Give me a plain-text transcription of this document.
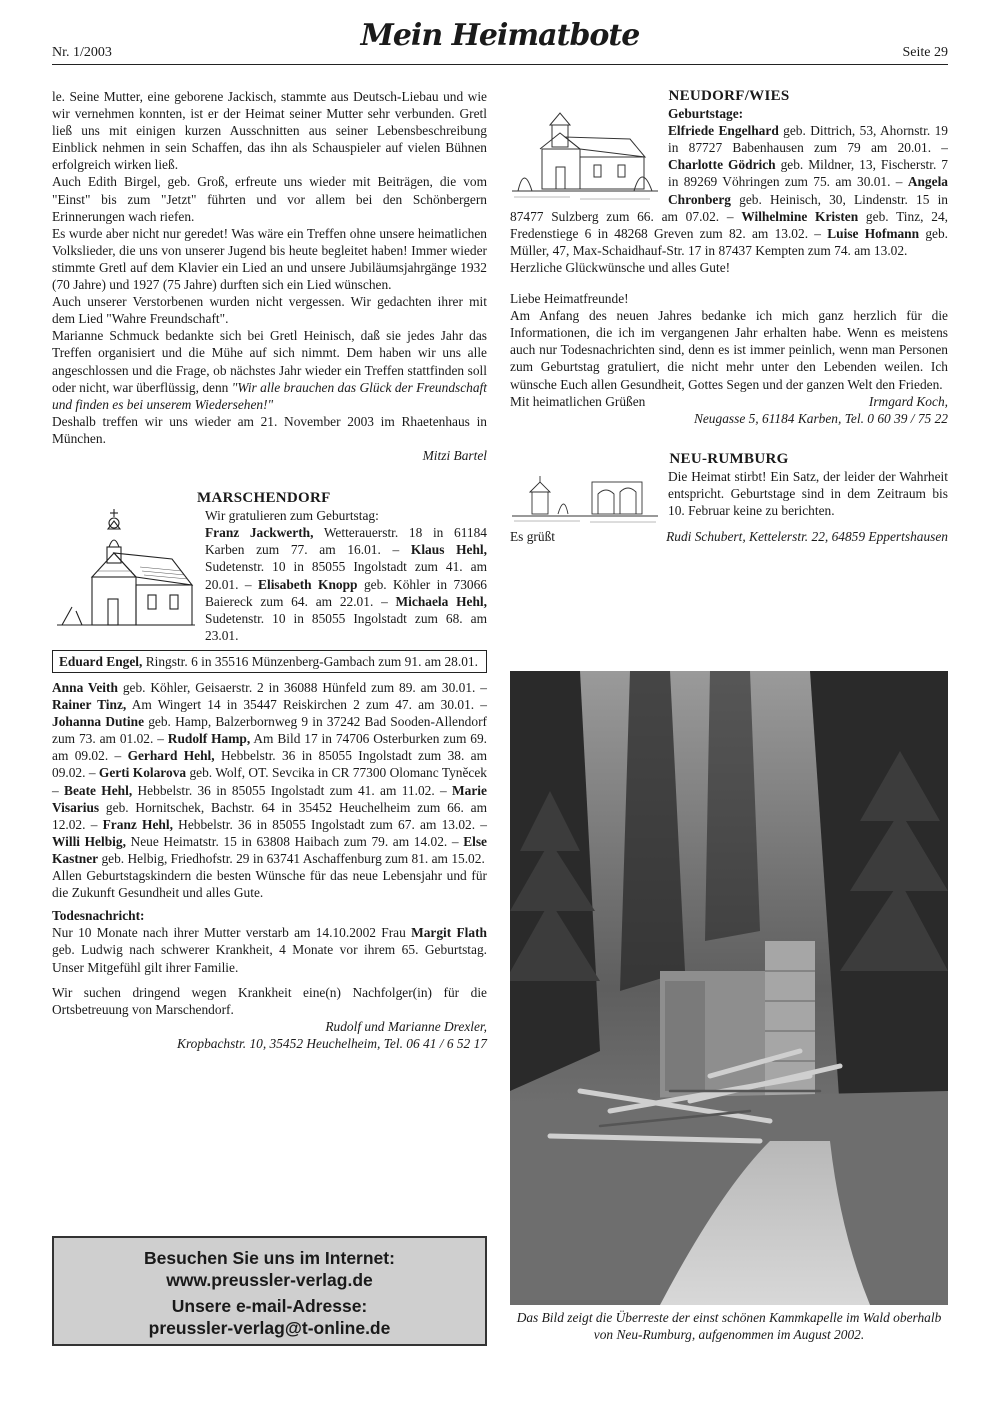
Nr. 1/2003	Mein Heimatbote	Seite 29

le. Seine Mutter, eine geborene Jackisch, stammte aus Deutsch-Liebau und wie wir vernehmen konnten, ist er der Heimat seiner Mutter sehr verbunden. Gretl ließ uns mit einigen kurzen Ausschnitten aus seiner Lebensbeschreibung Einblick nehmen in sein Schaffen, das ihn als Schauspieler auf vielen Bühnen erfolgreich wirken ließ.

Auch Edith Birgel, geb. Groß, erfreute uns wieder mit Beiträgen, die vom "Einst" bis zum "Jetzt" führten und vor allem bei den Schönbergern Erinnerungen wach riefen.

Es wurde aber nicht nur geredet! Was wäre ein Treffen ohne unsere heimatlichen Volkslieder, die uns von unserer Jugend bis heute begleitet haben! Immer wieder stimmte Gretl auf dem Klavier ein Lied an und unsere Jubiläumsjahrgänge 1932 (70 Jahre) und 1927 (75 Jahre) durften sich ein Lied wünschen.

Auch unserer Verstorbenen wurden nicht vergessen. Wir gedachten ihrer mit dem Lied "Wahre Freundschaft".

Marianne Schmuck bedankte sich bei Gretl Heinisch, daß sie jedes Jahr das Treffen organisiert und die Mühe auf sich nimmt. Dem haben wir uns alle angeschlossen und die Frage, ob nächstes Jahr wieder ein Treffen stattfinden soll oder nicht, war überflüssig, denn "Wir alle brauchen das Glück der Freundschaft und finden es bei unserem Wiedersehen!"

Deshalb treffen wir uns wieder am 21. November 2003 im Rhaetenhaus in München.

Mitzi Bartel

MARSCHENDORF

Wir gratulieren zum Geburtstag:

Franz Jackwerth, Wetterauerstr. 18 in 61184 Karben zum 77. am 16.01. – Klaus Hehl, Sudetenstr. 10 in 85055 Ingolstadt zum 41. am 20.01. – Elisabeth Knopp geb. Köhler in 73066 Baiereck zum 64. am 22.01. – Michaela Hehl, Sudetenstr. 10 in 85055 Ingolstadt zum 68. am 23.01.

Eduard Engel, Ringstr. 6 in 35516 Münzenberg-Gambach zum 91. am 28.01.

Anna Veith geb. Köhler, Geisaerstr. 2 in 36088 Hünfeld zum 89. am 30.01. – Rainer Tinz, Am Wingert 14 in 35447 Reiskirchen 2 zum 47. am 30.01. – Johanna Dutine geb. Hamp, Balzerbornweg 9 in 37242 Bad Sooden-Allendorf zum 73. am 01.02. – Rudolf Hamp, Am Bild 17 in 74706 Osterburken zum 69. am 09.02. – Gerhard Hehl, Hebbelstr. 36 in 85055 Ingolstadt zum 38. am 09.02. – Gerti Kolarova geb. Wolf, OT. Sevcika in CR 77300 Olomanc Tyněcek – Beate Hehl, Hebbelstr. 36 in 85055 Ingolstadt zum 41. am 11.02. – Marie Visarius geb. Hornitschek, Bachstr. 64 in 35452 Heuchelheim zum 66. am 12.02. – Franz Hehl, Hebbelstr. 36 in 85055 Ingolstadt zum 67. am 13.02. – Willi Helbig, Neue Heimatstr. 15 in 63808 Haibach zum 79. am 14.02. – Else Kastner geb. Helbig, Friedhofstr. 29 in 63741 Aschaffenburg zum 81. am 15.02.

Allen Geburtstagskindern die besten Wünsche für das neue Lebensjahr und für die Zukunft Gesundheit und alles Gute.

Todesnachricht:

Nur 10 Monate nach ihrer Mutter verstarb am 14.10.2002 Frau Margit Flath geb. Ludwig nach schwerer Krankheit, 4 Monate vor ihrem 65. Geburtstag. Unser Mitgefühl gilt ihrer Familie.

Wir suchen dringend wegen Krankheit eine(n) Nachfolger(in) für die Ortsbetreuung von Marschendorf.

Rudolf und Marianne Drexler,

Kropbachstr. 10, 35452 Heuchelheim, Tel. 06 41 / 6 52 17

Besuchen Sie uns im Internet:
www.preussler-verlag.de
Unsere e-mail-Adresse:
preussler-verlag@t-online.de
NEUDORF/WIES

Geburtstage:

Elfriede Engelhard geb. Dittrich, 53, Ahornstr. 19 in 87727 Babenhausen zum 79 am 20.01. – Charlotte Gödrich geb. Mildner, 13, Fischerstr. 7 in 89269 Vöhringen zum 75. am 30.01. – Angela Chronberg geb. Heinisch, 30, Lindenstr. 15 in 87477 Sulzberg zum 66. am 07.02. – Wilhelmine Kristen geb. Tinz, 24, Fredenstiege 6 in 48268 Greven zum 82. am 13.02. – Luise Hofmann geb. Müller, 47, Max-Schaidhauf-Str. 17 in 87437 Kempten zum 74. am 13.02.

Herzliche Glückwünsche und alles Gute!

Liebe Heimatfreunde!

Am Anfang des neuen Jahres bedanke ich mich ganz herzlich für die Informationen, die ich im vergangenen Jahr erhalten habe. Wenn es meistens auch nur Todesnachrichten sind, denn es ist immer peinlich, wenn man Personen zum Geburtstag gratuliert, die nicht mehr unter den Lebenden weilen. Ich wünsche Euch allen Gesundheit, Gottes Segen und der ganzen Welt den Frieden.

Mit heimatlichen Grüßen	Irmgard Koch,

Neugasse 5, 61184 Karben, Tel. 0 60 39 / 75 22

NEU-RUMBURG

Die Heimat stirbt! Ein Satz, der leider der Wahrheit entspricht. Geburtstage sind in dem Zeitraum bis 10. Februar keine zu berichten.

Es grüßt	Rudi Schubert, Kettelerstr. 22, 64859 Eppertshausen

Das Bild zeigt die Überreste der einst schönen Kammkapelle im Wald oberhalb von Neu-Rumburg, aufgenommen im August 2002.
